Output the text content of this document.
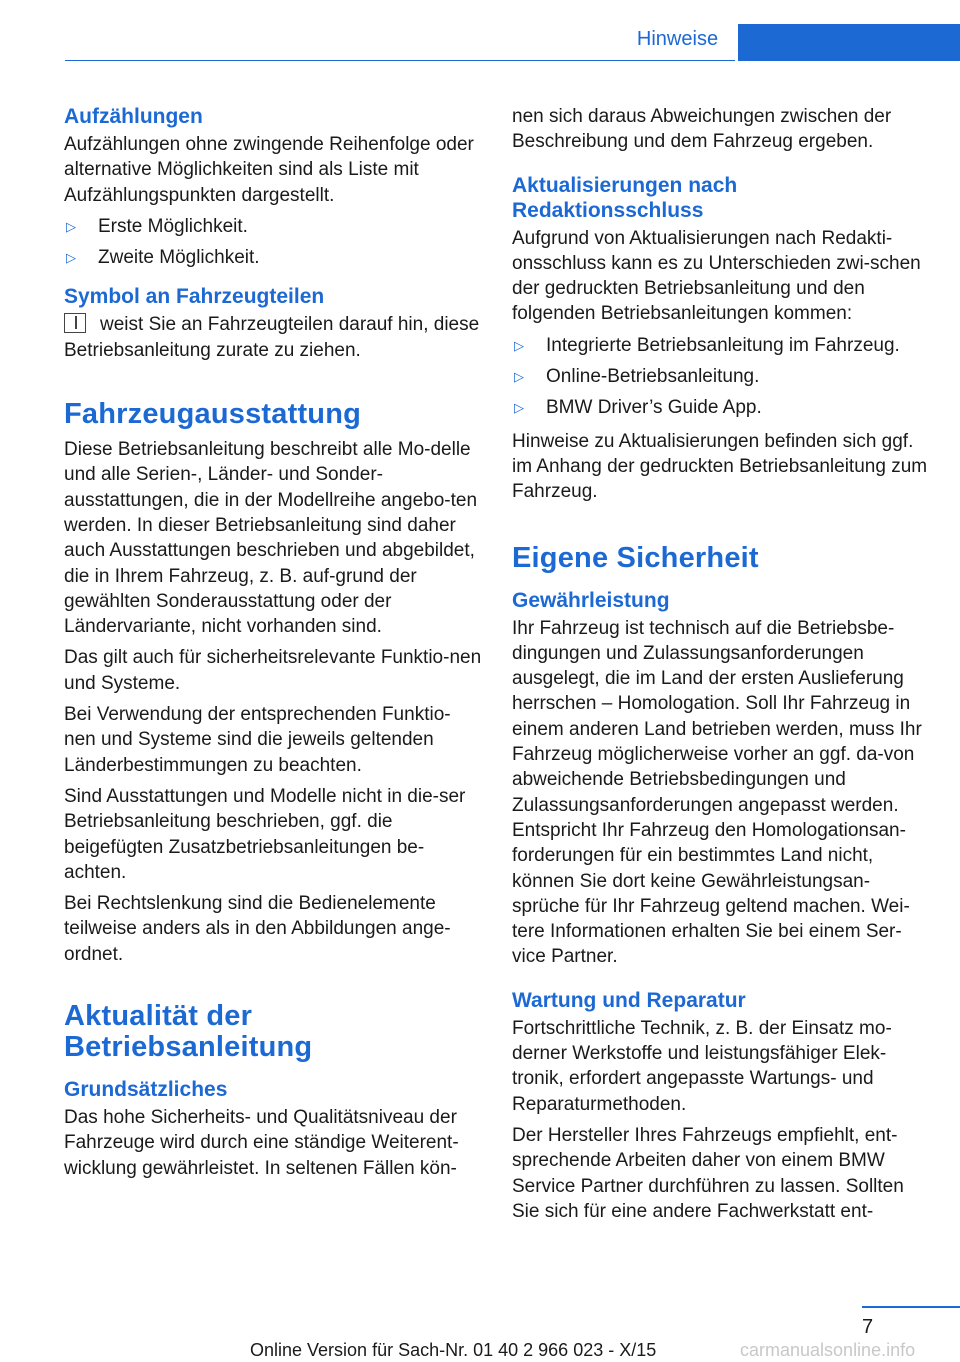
Hinweise
Aufzählungen
Aufzählungen ohne zwingende Reihenfolge oder alternative Möglichkeiten sind als Liste mit Aufzählungspunkten dargestellt.
▷ Erste Möglichkeit.
▷ Zweite Möglichkeit.
Symbol an Fahrzeugteilen
weist Sie an Fahrzeugteilen darauf hin, diese Betriebsanleitung zurate zu ziehen.
Fahrzeugausstattung
Diese Betriebsanleitung beschreibt alle Mo‐delle und alle Serien-, Länder- und Sonder‐ausstattungen, die in der Modellreihe angebo‐ten werden. In dieser Betriebsanleitung sind daher auch Ausstattungen beschrieben und abgebildet, die in Ihrem Fahrzeug, z. B. auf‐grund der gewählten Sonderausstattung oder der Ländervariante, nicht vorhanden sind.
Das gilt auch für sicherheitsrelevante Funktio‐nen und Systeme.
Bei Verwendung der entsprechenden Funktio‐nen und Systeme sind die jeweils geltenden Länderbestimmungen zu beachten.
Sind Ausstattungen und Modelle nicht in die‐ser Betriebsanleitung beschrieben, ggf. die beigefügten Zusatzbetriebsanleitungen be‐achten.
Bei Rechtslenkung sind die Bedienelemente teilweise anders als in den Abbildungen ange‐ordnet.
Aktualität der Betriebsanleitung
Grundsätzliches
Das hohe Sicherheits- und Qualitätsniveau der Fahrzeuge wird durch eine ständige Weiterent‐wicklung gewährleistet. In seltenen Fällen kön‐
nen sich daraus Abweichungen zwischen der Beschreibung und dem Fahrzeug ergeben.
Aktualisierungen nach Redaktionsschluss
Aufgrund von Aktualisierungen nach Redakti‐onsschluss kann es zu Unterschieden zwi‐schen der gedruckten Betriebsanleitung und den folgenden Betriebsanleitungen kommen:
▷ Integrierte Betriebsanleitung im Fahrzeug.
▷ Online-Betriebsanleitung.
▷ BMW Driver’s Guide App.
Hinweise zu Aktualisierungen befinden sich ggf. im Anhang der gedruckten Betriebsanleitung zum Fahrzeug.
Eigene Sicherheit
Gewährleistung
Ihr Fahrzeug ist technisch auf die Betriebsbe‐dingungen und Zulassungsanforderungen ausgelegt, die im Land der ersten Auslieferung herrschen – Homologation. Soll Ihr Fahrzeug in einem anderen Land betrieben werden, muss Ihr Fahrzeug möglicherweise vorher an ggf. da‐von abweichende Betriebsbedingungen und Zulassungsanforderungen angepasst werden. Entspricht Ihr Fahrzeug den Homologationsan‐forderungen für ein bestimmtes Land nicht, können Sie dort keine Gewährleistungsan‐sprüche für Ihr Fahrzeug geltend machen. Wei‐tere Informationen erhalten Sie bei einem Ser‐vice Partner.
Wartung und Reparatur
Fortschrittliche Technik, z. B. der Einsatz mo‐derner Werkstoffe und leistungsfähiger Elek‐tronik, erfordert angepasste Wartungs- und Reparaturmethoden.
Der Hersteller Ihres Fahrzeugs empfiehlt, ent‐sprechende Arbeiten daher von einem BMW Service Partner durchführen zu lassen. Sollten Sie sich für eine andere Fachwerkstatt ent‐
7
Online Version für Sach-Nr. 01 40 2 966 023 - X/15	carmanualsonline.info
